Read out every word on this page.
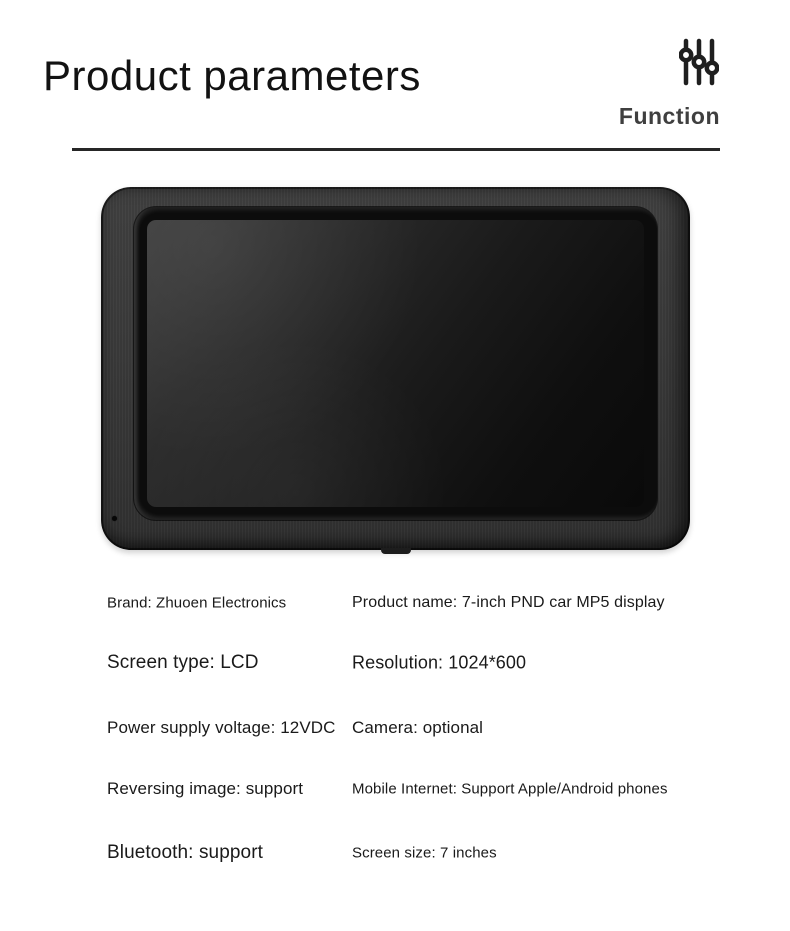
Product parameters
Function
Brand: Zhuoen Electronics	Product name: 7-inch PND car MP5 display
Screen type: LCD	Resolution: 1024*600
Power supply voltage: 12VDC Camera: optional
Reversing image: support	Mobile Internet: Support Apple/Android phones
Bluetooth: support	Screen size: 7 inches
